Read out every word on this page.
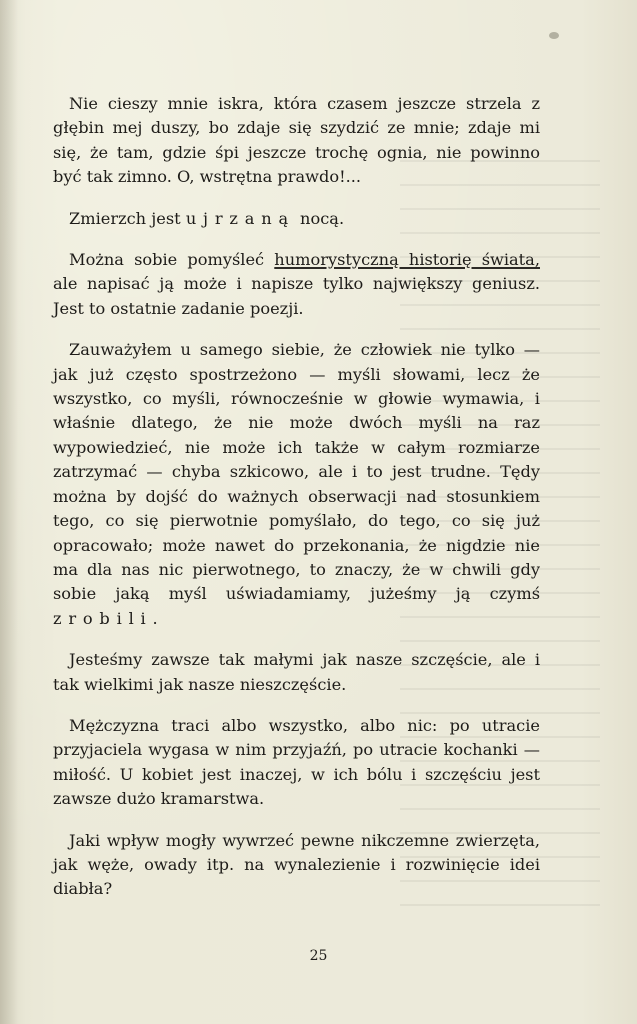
Nie cieszy mnie iskra, która czasem jeszcze strzela z głębin mej duszy, bo zdaje się szydzić ze mnie; zdaje mi się, że tam, gdzie śpi jeszcze trochę ognia, nie powinno być tak zimno. O, wstrętna prawdo!...

Zmierzch jest ujrzaną nocą.

Można sobie pomyśleć humorystyczną historię świata, ale napisać ją może i napisze tylko największy geniusz. Jest to ostatnie zadanie poezji.

Zauważyłem u samego siebie, że człowiek nie tylko — jak już często spostrzeżono — myśli słowami, lecz że wszystko, co myśli, równocześnie w głowie wymawia, i właśnie dlatego, że nie może dwóch myśli na raz wypowiedzieć, nie może ich także w całym rozmiarze zatrzymać — chyba szkicowo, ale i to jest trudne. Tędy można by dojść do ważnych obserwacji nad stosunkiem tego, co się pierwotnie pomyślało, do tego, co się już opracowało; może nawet do przekonania, że nigdzie nie ma dla nas nic pierwotnego, to znaczy, że w chwili gdy sobie jaką myśl uświadamiamy, jużeśmy ją czymś zrobili.

Jesteśmy zawsze tak małymi jak nasze szczęście, ale i tak wielkimi jak nasze nieszczęście.

Mężczyzna traci albo wszystko, albo nic: po utracie przyjaciela wygasa w nim przyjaźń, po utracie kochanki — miłość. U kobiet jest inaczej, w ich bólu i szczęściu jest zawsze dużo kramarstwa.

Jaki wpływ mogły wywrzeć pewne nikczemne zwierzęta, jak węże, owady itp. na wynalezienie i rozwinięcie idei diabła?

25
